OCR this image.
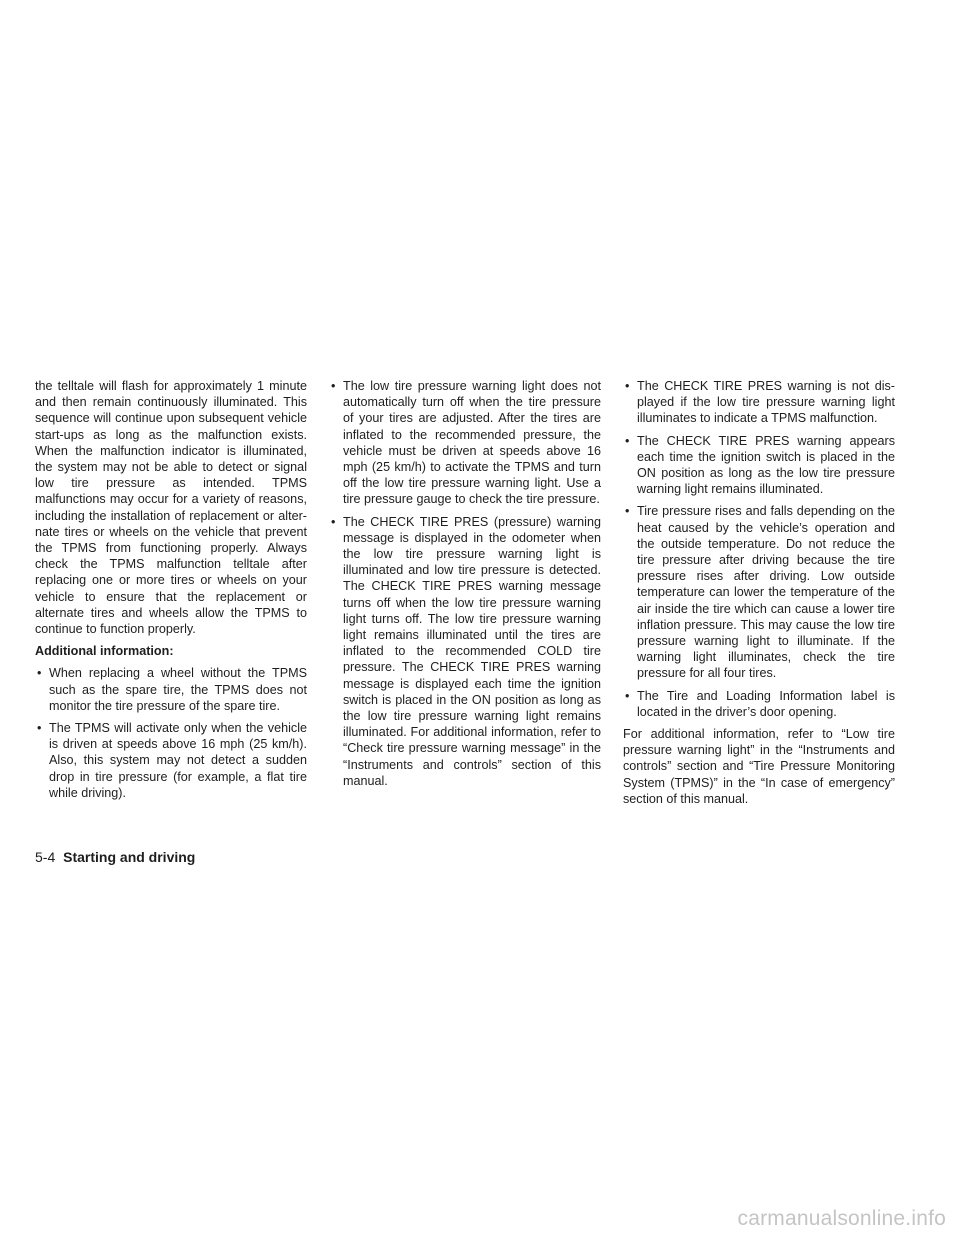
the telltale will flash for approximately 1 minute and then remain continuously illuminated. This sequence will continue upon subsequent vehicle start-ups as long as the malfunction exists. When the malfunction indicator is illuminated, the system may not be able to detect or signal low tire pressure as intended. TPMS malfunctions may occur for a variety of reasons, including the installation of replacement or alternate tires or wheels on the vehicle that prevent the TPMS from functioning properly. Always check the TPMS malfunction telltale after replacing one or more tires or wheels on your vehicle to ensure that the replacement or alternate tires and wheels allow the TPMS to continue to function properly.

Additional information:

• When replacing a wheel without the TPMS such as the spare tire, the TPMS does not monitor the tire pressure of the spare tire.
• The TPMS will activate only when the vehicle is driven at speeds above 16 mph (25 km/h). Also, this system may not detect a sudden drop in tire pressure (for example, a flat tire while driving).
• The low tire pressure warning light does not automatically turn off when the tire pressure of your tires are adjusted. After the tires are inflated to the recommended pressure, the vehicle must be driven at speeds above 16 mph (25 km/h) to activate the TPMS and turn off the low tire pressure warning light. Use a tire pressure gauge to check the tire pressure.
• The CHECK TIRE PRES (pressure) warning message is displayed in the odometer when the low tire pressure warning light is illuminated and low tire pressure is detected. The CHECK TIRE PRES warning message turns off when the low tire pressure warning light turns off. The low tire pressure warning light remains illuminated until the tires are inflated to the recommended COLD tire pressure. The CHECK TIRE PRES warning message is displayed each time the ignition switch is placed in the ON position as long as the low tire pressure warning light remains illuminated. For additional information, refer to “Check tire pressure warning message” in the “Instruments and controls” section of this manual.
• The CHECK TIRE PRES warning is not displayed if the low tire pressure warning light illuminates to indicate a TPMS malfunction.
• The CHECK TIRE PRES warning appears each time the ignition switch is placed in the ON position as long as the low tire pressure warning light remains illuminated.
• Tire pressure rises and falls depending on the heat caused by the vehicle’s operation and the outside temperature. Do not reduce the tire pressure after driving because the tire pressure rises after driving. Low outside temperature can lower the temperature of the air inside the tire which can cause a lower tire inflation pressure. This may cause the low tire pressure warning light to illuminate. If the warning light illuminates, check the tire pressure for all four tires.
• The Tire and Loading Information label is located in the driver’s door opening.

For additional information, refer to “Low tire pressure warning light” in the “Instruments and controls” section and “Tire Pressure Monitoring System (TPMS)” in the “In case of emergency” section of this manual.

5-4 Starting and driving
carmanualsonline.info
